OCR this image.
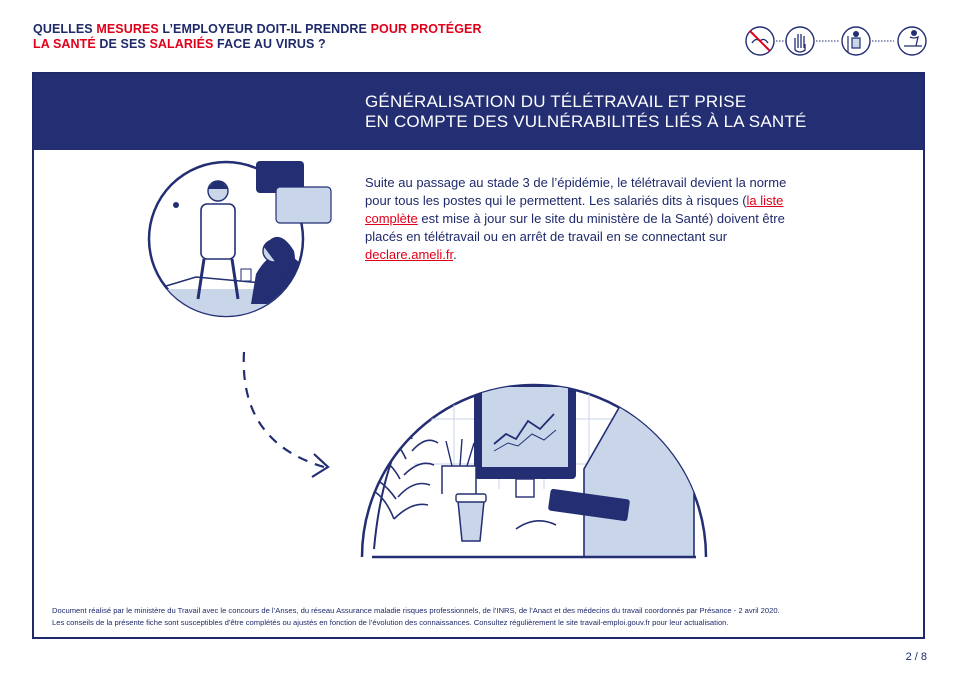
QUELLES MESURES L’EMPLOYEUR DOIT-IL PRENDRE POUR PROTÉGER
LA SANTÉ DE SES SALARIÉS FACE AU VIRUS ?
GÉNÉRALISATION DU TÉLÉTRAVAIL ET PRISE
EN COMPTE DES VULNÉRABILITÉS LIÉS À LA SANTÉ
Suite au passage au stade 3 de l’épidémie, le télétravail devient la norme pour tous les postes qui le permettent. Les salariés dits à risques (la liste complète est mise à jour sur le site du ministère de la Santé) doivent être placés en télétravail ou en arrêt de travail en se connectant sur declare.ameli.fr.
Document réalisé par le ministère du Travail avec le concours de l’Anses, du réseau Assurance maladie risques professionnels, de l’INRS, de l’Anact et des médecins du travail coordonnés par Présance - 2 avril 2020.
Les conseils de la présente fiche sont susceptibles d’être complétés ou ajustés en fonction de l’évolution des connaissances. Consultez régulièrement le site travail-emploi.gouv.fr pour leur actualisation.
2 / 8
